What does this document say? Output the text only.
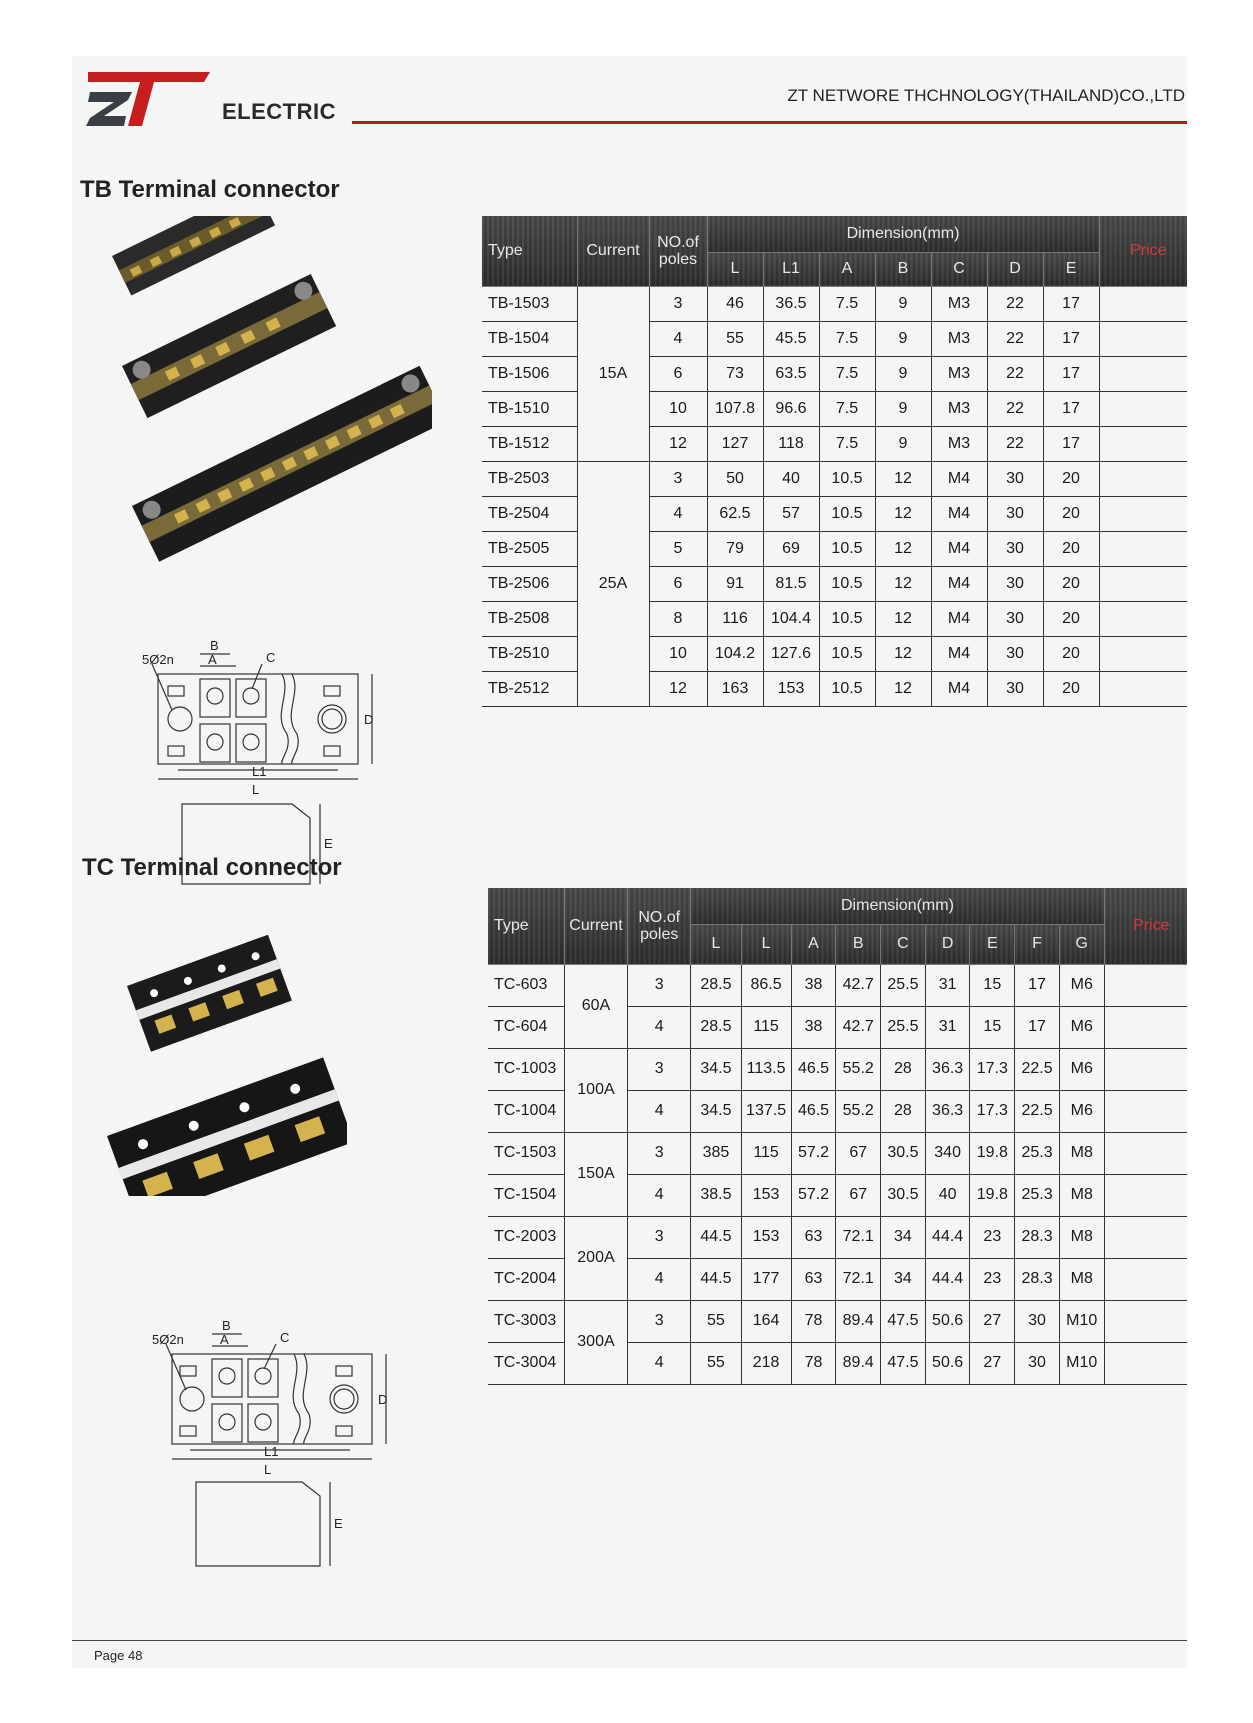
ELECTRIC
ZT NETWORE THCHNOLOGY(THAILAND)CO.,LTD
TB Terminal connector
5Ø2n	A
B
C
D
L1
L
E
Type	Current	NO.of poles	Dimension(mm)							Price
			L	L1	A	B	C	D	E	
TB-1503	15A	3	46	36.5	7.5	9	M3	22	17	
TB-1504		4	55	45.5	7.5	9	M3	22	17	
TB-1506		6	73	63.5	7.5	9	M3	22	17	
TB-1510		10	107.8	96.6	7.5	9	M3	22	17	
TB-1512		12	127	118	7.5	9	M3	22	17	
TB-2503	25A	3	50	40	10.5	12	M4	30	20	
TB-2504		4	62.5	57	10.5	12	M4	30	20	
TB-2505		5	79	69	10.5	12	M4	30	20	
TB-2506		6	91	81.5	10.5	12	M4	30	20	
TB-2508		8	116	104.4	10.5	12	M4	30	20	
TB-2510		10	104.2	127.6	10.5	12	M4	30	20	
TB-2512		12	163	153	10.5	12	M4	30	20	
TC Terminal connector
5Ø2n	A
B
C
D
L1
L
E
Type	Current	NO.of poles	Dimension(mm)									Price
			L	L	A	B	C	D	E	F	G	
TC-603	60A	3	28.5	86.5	38	42.7	25.5	31	15	17	M6	
TC-604		4	28.5	115	38	42.7	25.5	31	15	17	M6	
TC-1003	100A	3	34.5	113.5	46.5	55.2	28	36.3	17.3	22.5	M6	
TC-1004		4	34.5	137.5	46.5	55.2	28	36.3	17.3	22.5	M6	
TC-1503	150A	3	385	115	57.2	67	30.5	340	19.8	25.3	M8	
TC-1504		4	38.5	153	57.2	67	30.5	40	19.8	25.3	M8	
TC-2003	200A	3	44.5	153	63	72.1	34	44.4	23	28.3	M8	
TC-2004		4	44.5	177	63	72.1	34	44.4	23	28.3	M8	
TC-3003	300A	3	55	164	78	89.4	47.5	50.6	27	30	M10	
TC-3004		4	55	218	78	89.4	47.5	50.6	27	30	M10	
Page 48
